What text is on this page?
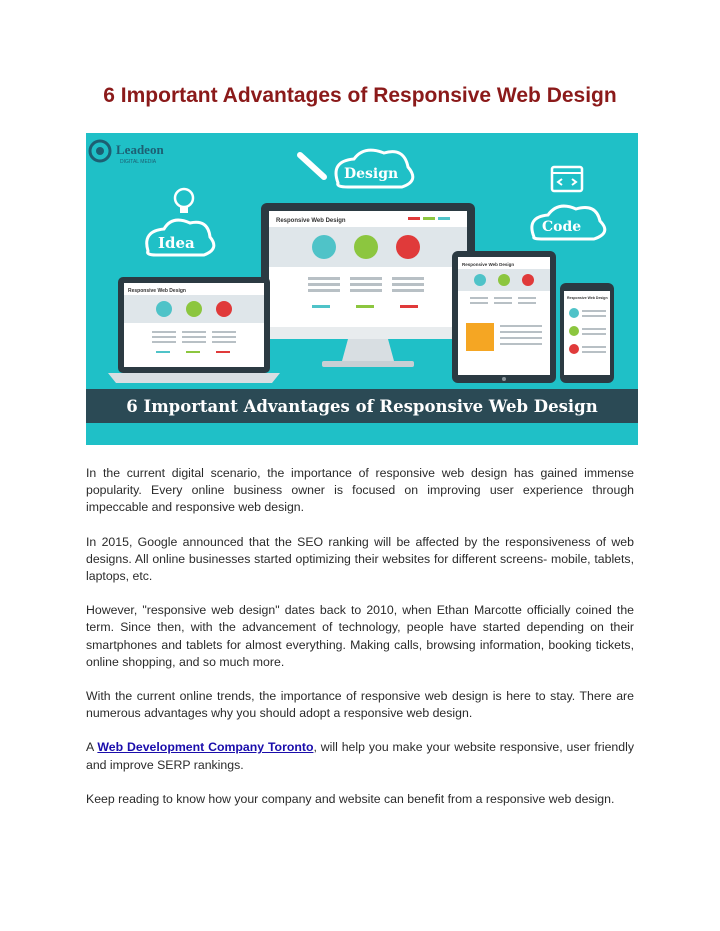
6 Important Advantages of Responsive Web Design
Leadeon
DIGITAL MEDIA
Idea
Design
Code
Responsive Web Design
Responsive Web Design
Responsive Web Design
Responsive Web Design
6 Important Advantages of Responsive Web Design

In the current digital scenario, the importance of responsive web design has gained immense popularity. Every online business owner is focused on improving user experience through impeccable and responsive web design.

In 2015, Google announced that the SEO ranking will be affected by the responsiveness of web designs. All online businesses started optimizing their websites for different screens- mobile, tablets, laptops, etc.

However, "responsive web design" dates back to 2010, when Ethan Marcotte officially coined the term. Since then, with the advancement of technology, people have started depending on their smartphones and tablets for almost everything. Making calls, browsing information, booking tickets, online shopping, and so much more.

With the current online trends, the importance of responsive web design is here to stay. There are numerous advantages why you should adopt a responsive web design.

A Web Development Company Toronto, will help you make your website responsive, user friendly and improve SERP rankings.

Keep reading to know how your company and website can benefit from a responsive web design.
